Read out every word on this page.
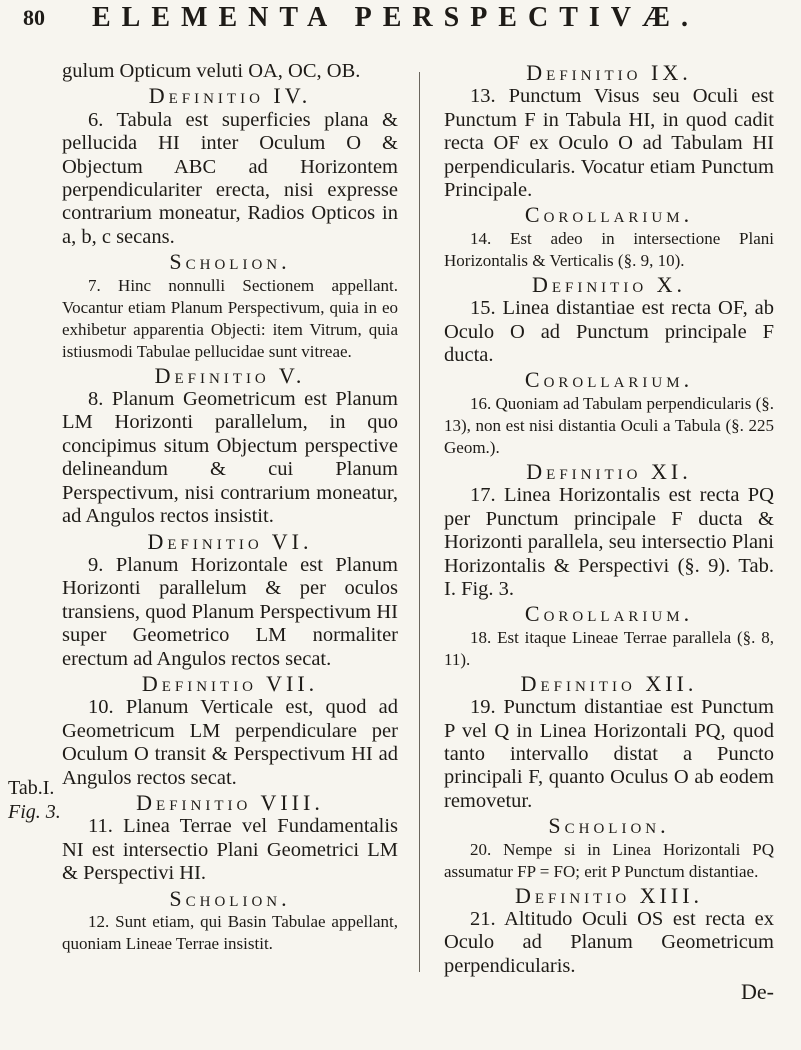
80 ELEMENTA PERSPECTIVÆ.
Tab.I.
Fig. 3.

gulum Opticum veluti OA, OC, OB.

Definitio IV.

6. Tabula est superficies plana & pellucida HI inter Oculum O & Objectum ABC ad Horizontem perpendiculariter erecta, nisi expresse contrarium moneatur, Radios Opticos in a, b, c secans.

Scholion.

7. Hinc nonnulli Sectionem appellant. Vocantur etiam Planum Perspectivum, quia in eo exhibetur apparentia Objecti: item Vitrum, quia istiusmodi Tabulae pellucidae sunt vitreae.

Definitio V.

8. Planum Geometricum est Planum LM Horizonti parallelum, in quo concipimus situm Objectum perspective delineandum & cui Planum Perspectivum, nisi contrarium moneatur, ad Angulos rectos insistit.

Definitio VI.

9. Planum Horizontale est Planum Horizonti parallelum & per oculos transiens, quod Planum Perspectivum HI super Geometrico LM normaliter erectum ad Angulos rectos secat.

Definitio VII.

10. Planum Verticale est, quod ad Geometricum LM perpendiculare per Oculum O transit & Perspectivum HI ad Angulos rectos secat.

Definitio VIII.

11. Linea Terrae vel Fundamentalis NI est intersectio Plani Geometrici LM & Perspectivi HI.

Scholion.

12. Sunt etiam, qui Basin Tabulae appellant, quoniam Lineae Terrae insistit.

Definitio IX.

13. Punctum Visus seu Oculi est Punctum F in Tabula HI, in quod cadit recta OF ex Oculo O ad Tabulam HI perpendicularis. Vocatur etiam Punctum Principale.

Corollarium.

14. Est adeo in intersectione Plani Horizontalis & Verticalis (§. 9, 10).

Definitio X.

15. Linea distantiae est recta OF, ab Oculo O ad Punctum principale F ducta.

Corollarium.

16. Quoniam ad Tabulam perpendicularis (§. 13), non est nisi distantia Oculi a Tabula (§. 225 Geom.).

Definitio XI.

17. Linea Horizontalis est recta PQ per Punctum principale F ducta & Horizonti parallela, seu intersectio Plani Horizontalis & Perspectivi (§. 9). Tab. I. Fig. 3.

Corollarium.

18. Est itaque Lineae Terrae parallela (§. 8, 11).

Definitio XII.

19. Punctum distantiae est Punctum P vel Q in Linea Horizontali PQ, quod tanto intervallo distat a Puncto principali F, quanto Oculus O ab eodem removetur.

Scholion.

20. Nempe si in Linea Horizontali PQ assumatur FP = FO; erit P Punctum distantiae.

Definitio XIII.

21. Altitudo Oculi OS est recta ex Oculo ad Planum Geometricum perpendicularis.

De-
